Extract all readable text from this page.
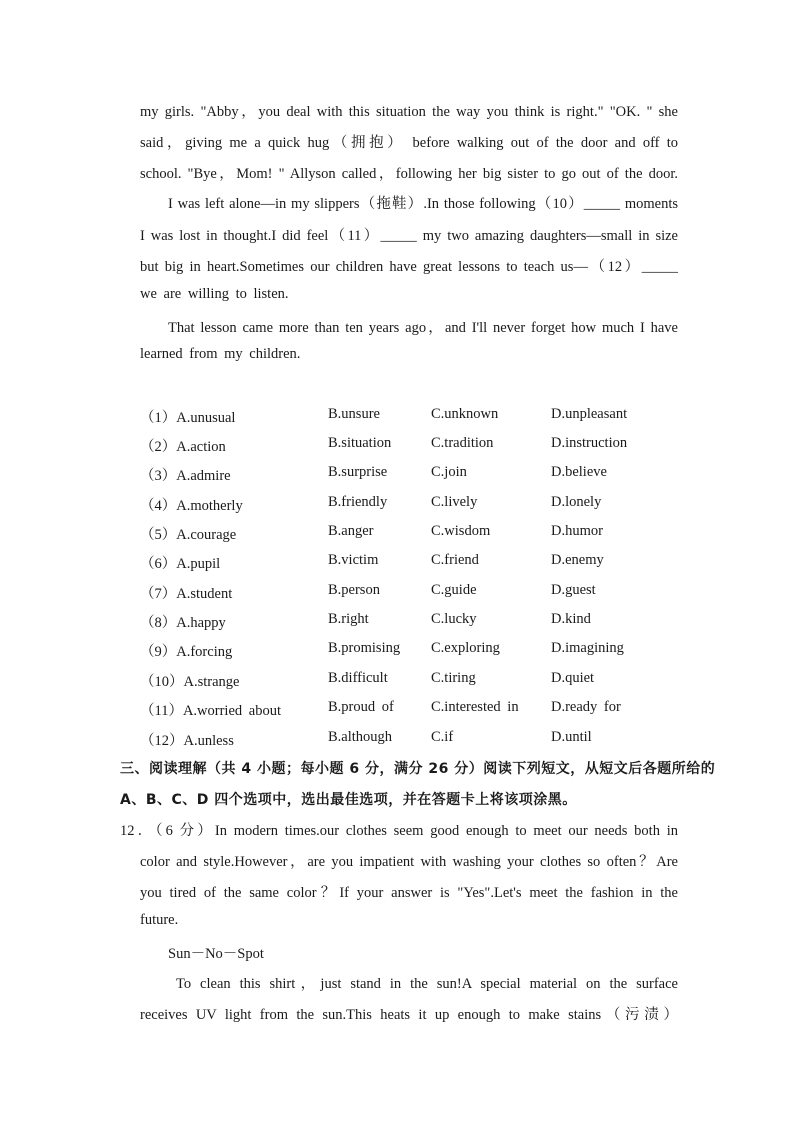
my girls. "Abby，you deal with this situation the way you think is right." "OK. " she
said，giving me a quick hug（拥抱） before walking out of the door and off to
school. "Bye，Mom! " Allyson called，following her big sister to go out of the door.
I was left alone—in my slippers（拖鞋）.In those following（10）_____ moments
I was lost in thought.I did feel（11）_____ my two amazing daughters—small in size
but big in heart.Sometimes our children have great lessons to teach us—（12）_____
we are willing to listen.
That lesson came more than ten years ago，and I'll never forget how much I have
learned from my children.
（1）A.unusual	B.unsure	C.unknown	D.unpleasant
（2）A.action	B.situation	C.tradition	D.instruction
（3）A.admire	B.surprise	C.join	D.believe
（4）A.motherly	B.friendly	C.lively	D.lonely
（5）A.courage	B.anger	C.wisdom	D.humor
（6）A.pupil	B.victim	C.friend	D.enemy
（7）A.student	B.person	C.guide	D.guest
（8）A.happy	B.right	C.lucky	D.kind
（9）A.forcing	B.promising C.exploring	D.imagining
（10）A.strange	B.difficult	C.tiring	D.quiet
（11）A.worried about	B.proud of	C.interested in D.ready for
（12）A.unless	B.although	C.if	D.until
三、阅读理解（共 4 小题；每小题 6 分，满分 26 分）阅读下列短文，从短文后各题所给的
A、B、C、D 四个选项中，选出最佳选项，并在答题卡上将该项涂黑。
12．（6 分）In modern times.our clothes seem good enough to meet our needs both in
color and style.However，are you impatient with washing your clothes so often？Are
you tired of the same color？If your answer is "Yes".Let's meet the fashion in the
future.
Sun－No－Spot
To clean this shirt，just stand in the sun!A special material on the surface
receives UV light from the sun.This heats it up enough to make stains（污渍）
